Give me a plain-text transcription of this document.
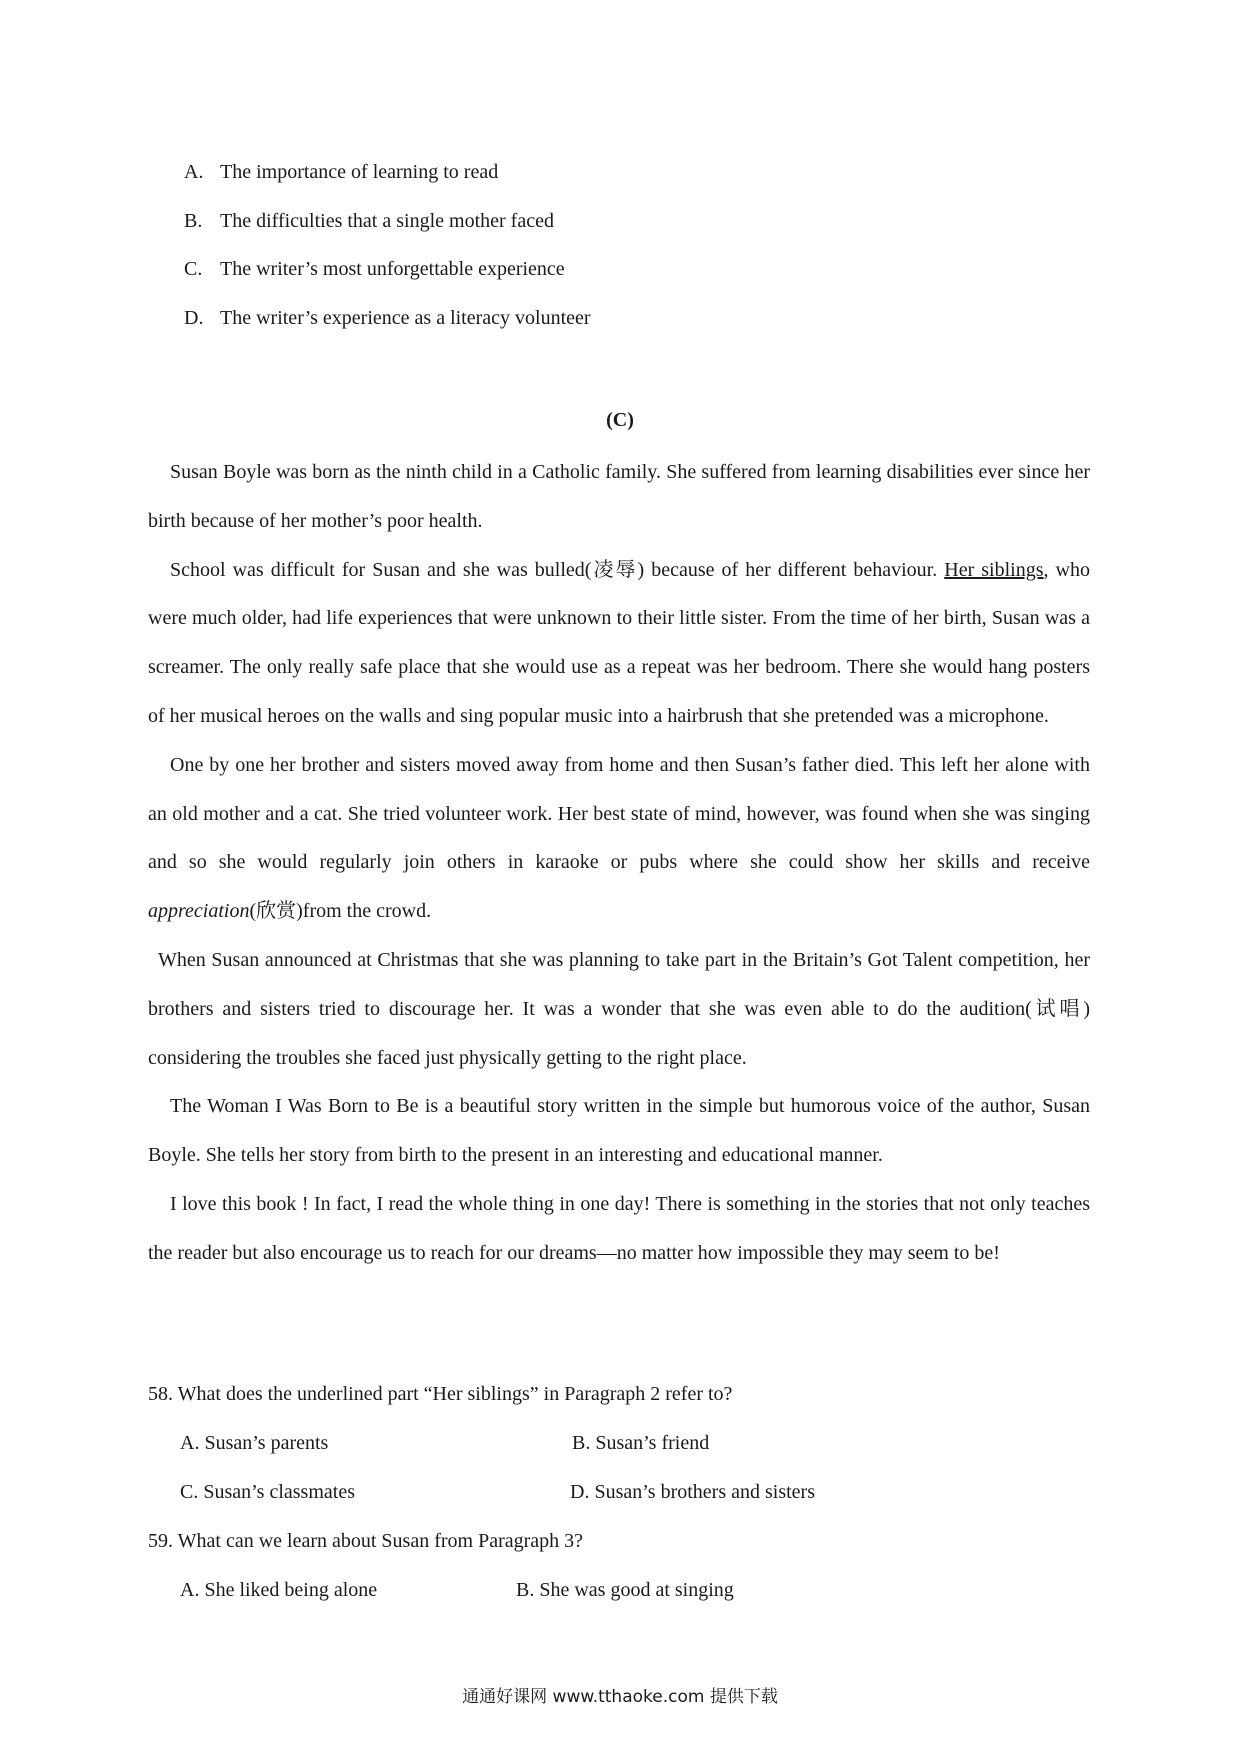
A. The importance of learning to read
B. The difficulties that a single mother faced
C. The writer’s most unforgettable experience
D. The writer’s experience as a literacy volunteer
(C)

Susan Boyle was born as the ninth child in a Catholic family. She suffered from learning disabilities ever since her birth because of her mother’s poor health.

School was difficult for Susan and she was bulled(凌辱) because of her different behaviour. Her siblings, who were much older, had life experiences that were unknown to their little sister. From the time of her birth, Susan was a screamer. The only really safe place that she would use as a repeat was her bedroom. There she would hang posters of her musical heroes on the walls and sing popular music into a hairbrush that she pretended was a microphone.

One by one her brother and sisters moved away from home and then Susan’s father died. This left her alone with an old mother and a cat. She tried volunteer work. Her best state of mind, however, was found when she was singing and so she would regularly join others in karaoke or pubs where she could show her skills and receive appreciation(欣赏)from the crowd.

When Susan announced at Christmas that she was planning to take part in the Britain’s Got Talent competition, her brothers and sisters tried to discourage her. It was a wonder that she was even able to do the audition(试唱) considering the troubles she faced just physically getting to the right place.

The Woman I Was Born to Be is a beautiful story written in the simple but humorous voice of the author, Susan Boyle. She tells her story from birth to the present in an interesting and educational manner.

I love this book ! In fact, I read the whole thing in one day! There is something in the stories that not only teaches the reader but also encourage us to reach for our dreams—no matter how impossible they may seem to be!

58. What does the underlined part “Her siblings” in Paragraph 2 refer to?
A. Susan’s parents	B. Susan’s friend
C. Susan’s classmates	D. Susan’s brothers and sisters
59. What can we learn about Susan from Paragraph 3?
A. She liked being alone	B. She was good at singing
通通好课网 www.tthaoke.com 提供下载
